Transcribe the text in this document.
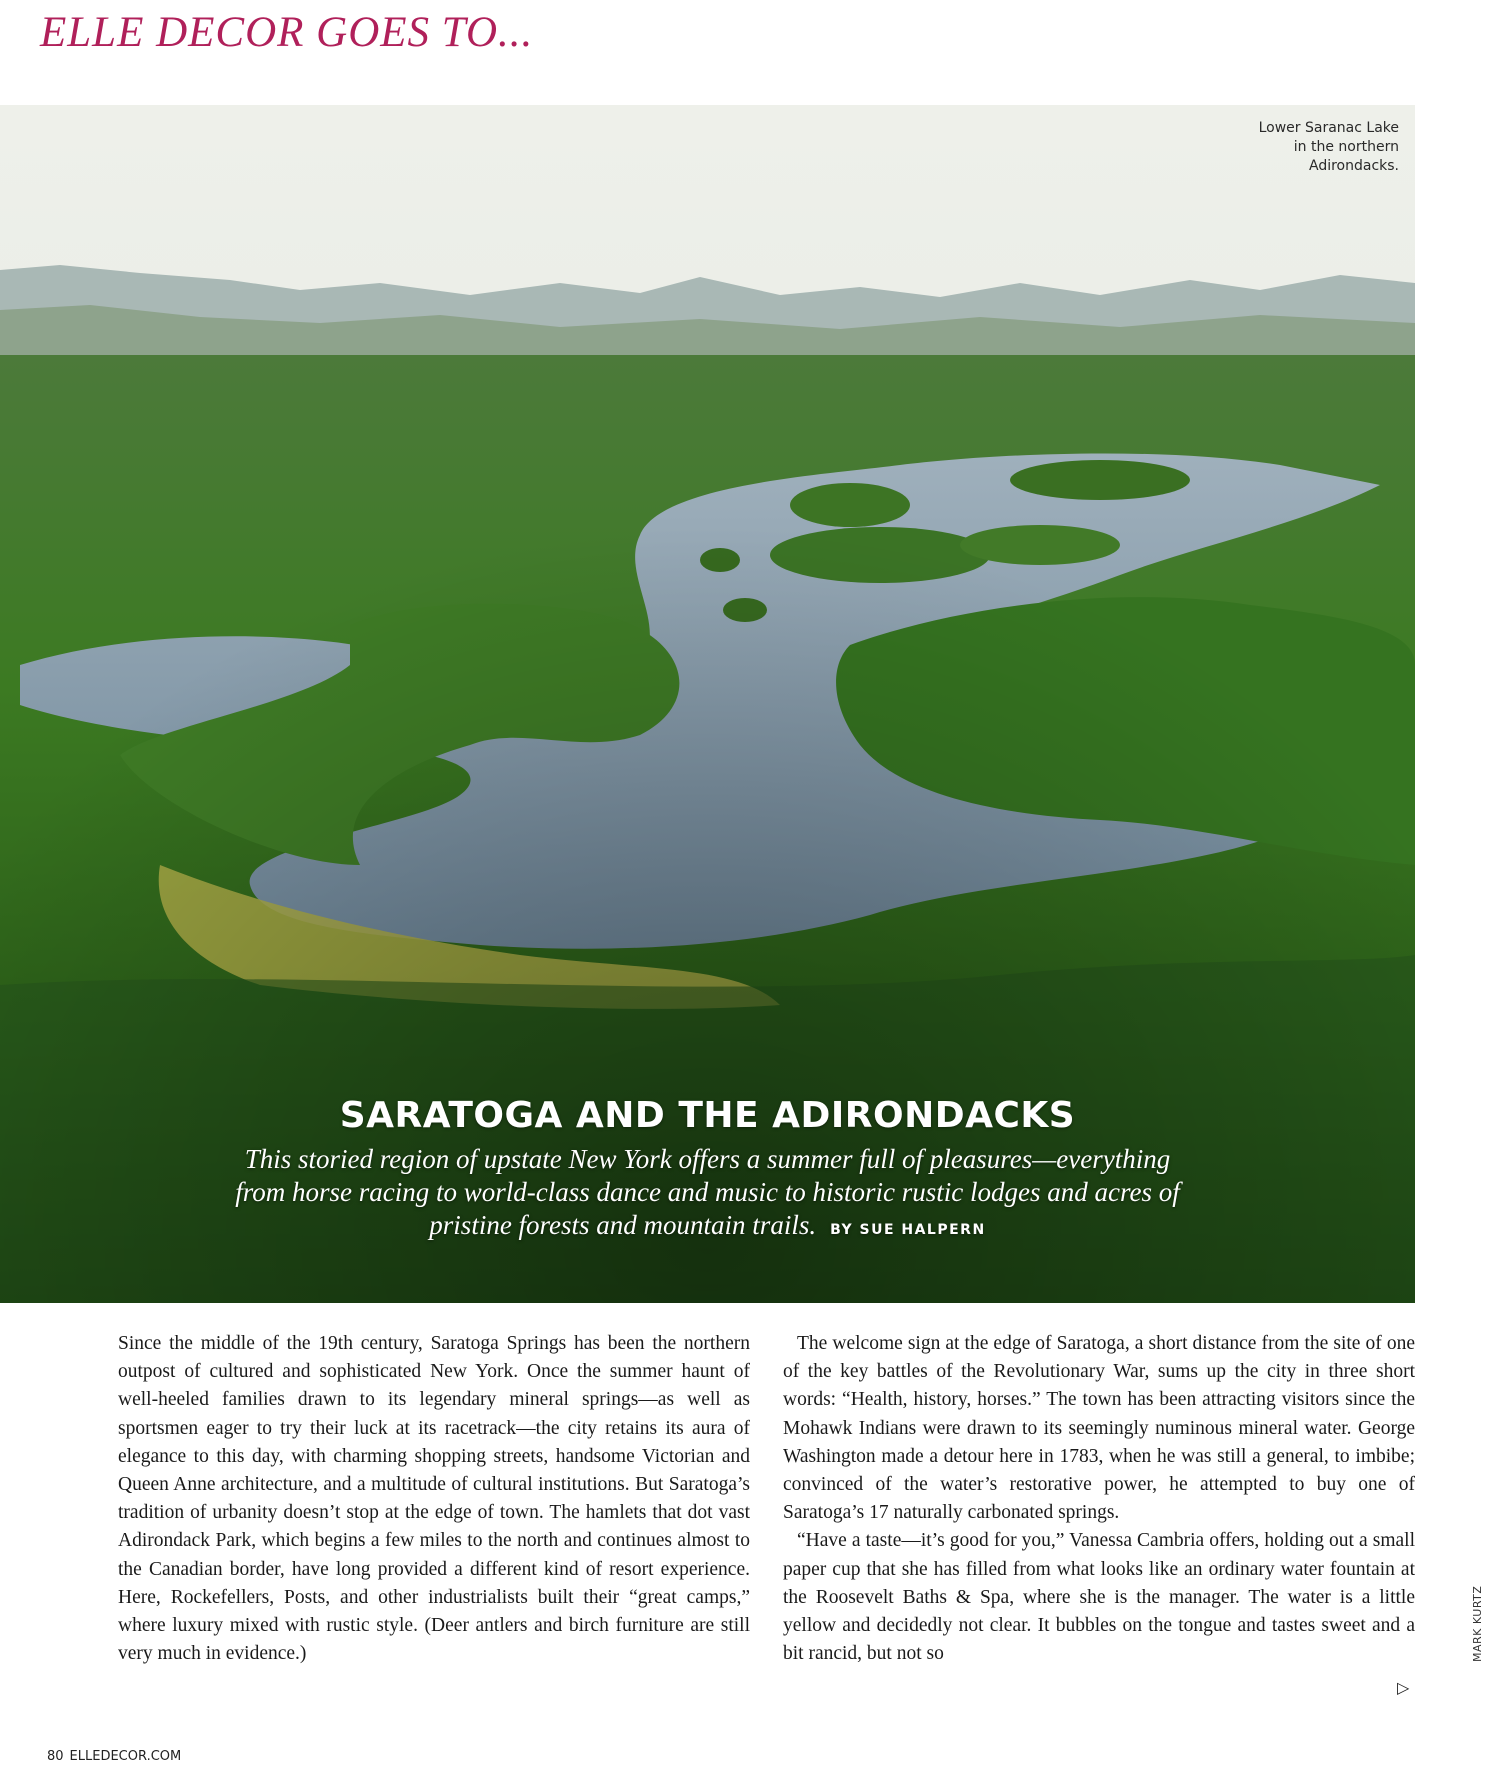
ELLE DECOR GOES TO...
Lower Saranac Lake in the northern Adirondacks.
SARATOGA AND THE ADIRONDACKS
This storied region of upstate New York offers a summer full of pleasures—everything from horse racing to world-class dance and music to historic rustic lodges and acres of pristine forests and mountain trails. BY SUE HALPERN

Since the middle of the 19th century, Saratoga Springs has been the northern outpost of cultured and sophisticated New York. Once the summer haunt of well-heeled families drawn to its legendary mineral springs—as well as sportsmen eager to try their luck at its racetrack—the city retains its aura of elegance to this day, with charming shopping streets, handsome Victorian and Queen Anne architecture, and a multitude of cultural institutions. But Saratoga’s tradition of urbanity doesn’t stop at the edge of town. The hamlets that dot vast Adirondack Park, which begins a few miles to the north and continues almost to the Canadian border, have long provided a different kind of resort experience. Here, Rockefellers, Posts, and other industrialists built their “great camps,” where luxury mixed with rustic style. (Deer antlers and birch furniture are still very much in evidence.)

The welcome sign at the edge of Saratoga, a short distance from the site of one of the key battles of the Revolutionary War, sums up the city in three short words: “Health, history, horses.” The town has been attracting visitors since the Mohawk Indians were drawn to its seemingly numinous mineral water. George Washington made a detour here in 1783, when he was still a general, to imbibe; convinced of the water’s restorative power, he attempted to buy one of Saratoga’s 17 naturally carbonated springs.

“Have a taste—it’s good for you,” Vanessa Cambria offers, holding out a small paper cup that she has filled from what looks like an ordinary water fountain at the Roosevelt Baths & Spa, where she is the manager. The water is a little yellow and decidedly not clear. It bubbles on the tongue and tastes sweet and a bit rancid, but not so

▷
MARK KURTZ
80 ELLEDECOR.COM
